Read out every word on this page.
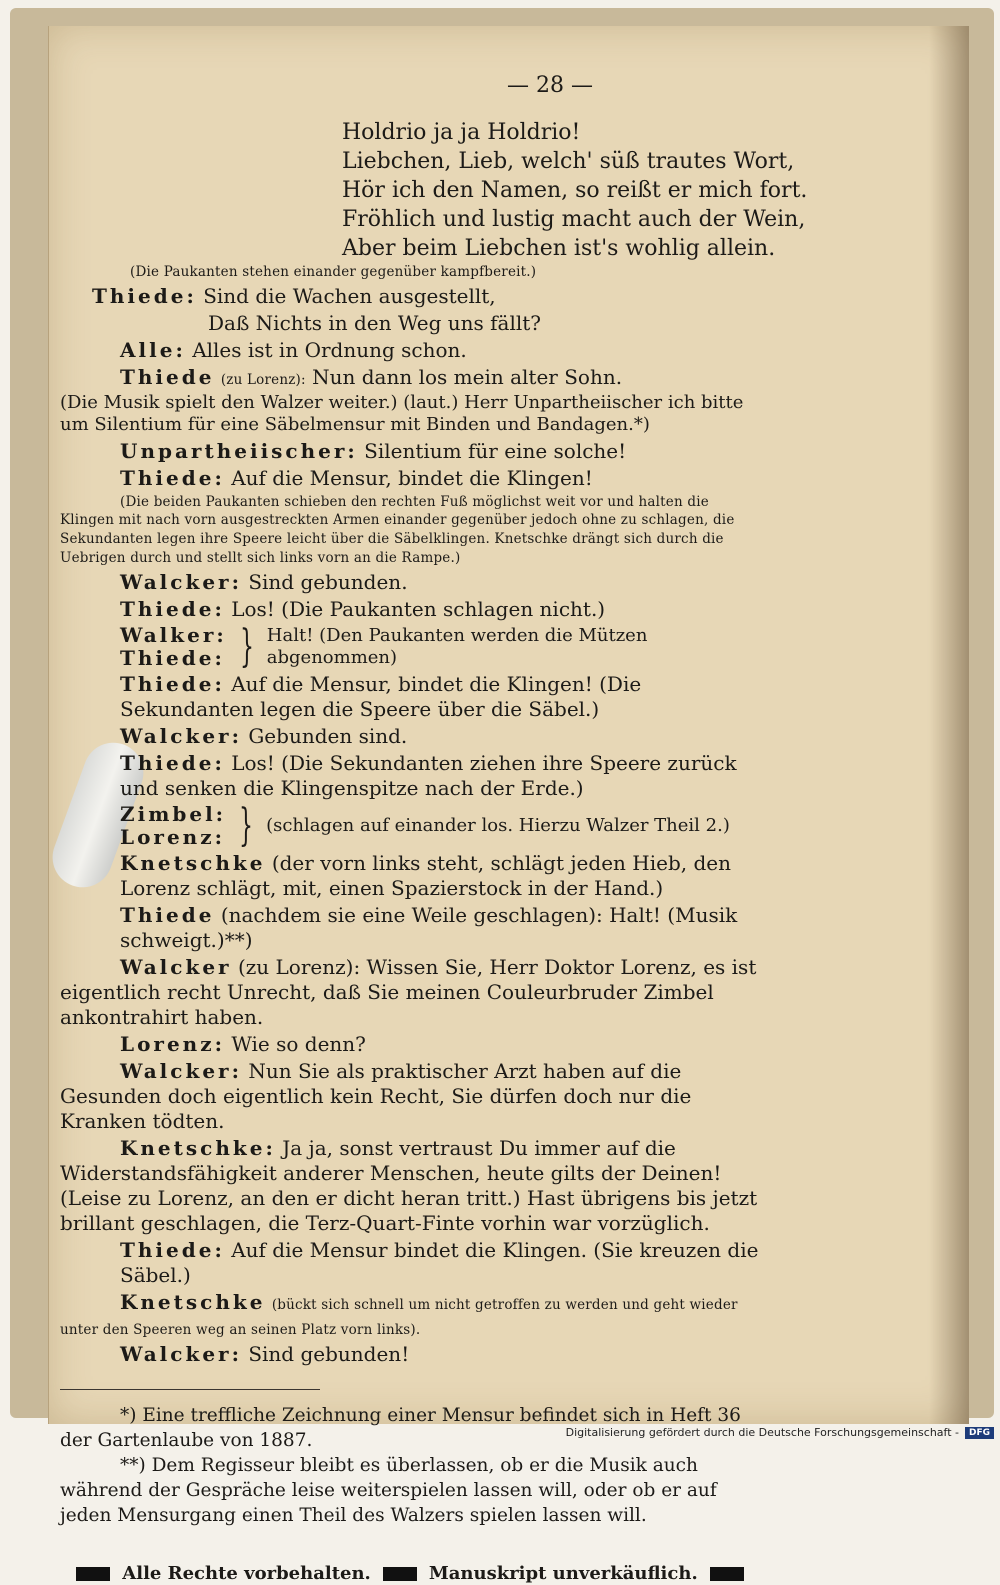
— 28 —
Holdrio ja ja Holdrio!
Liebchen, Lieb, welch' süß trautes Wort,
Hör ich den Namen, so reißt er mich fort.
Fröhlich und lustig macht auch der Wein,
Aber beim Liebchen ist's wohlig allein.
(Die Paukanten stehen einander gegenüber kampfbereit.)
Thiede: Sind die Wachen ausgestellt,
Daß Nichts in den Weg uns fällt?
Alle: Alles ist in Ordnung schon.
Thiede (zu Lorenz): Nun dann los mein alter Sohn.
(Die Musik spielt den Walzer weiter.) (laut.) Herr Unpartheiischer ich bitte um Silentium für eine Säbelmensur mit Binden und Bandagen.*)
Unpartheiischer: Silentium für eine solche!
Thiede: Auf die Mensur, bindet die Klingen!
(Die beiden Paukanten schieben den rechten Fuß möglichst weit vor und halten die Klingen mit nach vorn ausgestreckten Armen einander gegenüber jedoch ohne zu schlagen, die Sekundanten legen ihre Speere leicht über die Säbelklingen. Knetschke drängt sich durch die Uebrigen durch und stellt sich links vorn an die Rampe.)
Walcker: Sind gebunden.
Thiede: Los! (Die Paukanten schlagen nicht.)
Walker:
Thiede: } Halt! (Den Paukanten werden die Mützen abgenommen)
Thiede: Auf die Mensur, bindet die Klingen! (Die Sekundanten legen die Speere über die Säbel.)
Walcker: Gebunden sind.
Thiede: Los! (Die Sekundanten ziehen ihre Speere zurück und senken die Klingenspitze nach der Erde.)
Zimbel:
Lorenz: } (schlagen auf einander los. Hierzu Walzer Theil 2.)
Knetschke (der vorn links steht, schlägt jeden Hieb, den Lorenz schlägt, mit, einen Spazierstock in der Hand.)
Thiede (nachdem sie eine Weile geschlagen): Halt! (Musik schweigt.)**)
Walcker (zu Lorenz): Wissen Sie, Herr Doktor Lorenz, es ist eigentlich recht Unrecht, daß Sie meinen Couleurbruder Zimbel ankontrahirt haben.
Lorenz: Wie so denn?
Walcker: Nun Sie als praktischer Arzt haben auf die Gesunden doch eigentlich kein Recht, Sie dürfen doch nur die Kranken tödten.
Knetschke: Ja ja, sonst vertraust Du immer auf die Widerstandsfähigkeit anderer Menschen, heute gilts der Deinen! (Leise zu Lorenz, an den er dicht heran tritt.) Hast übrigens bis jetzt brillant geschlagen, die Terz-Quart-Finte vorhin war vorzüglich.
Thiede: Auf die Mensur bindet die Klingen. (Sie kreuzen die Säbel.)
Knetschke (bückt sich schnell um nicht getroffen zu werden und geht wieder unter den Speeren weg an seinen Platz vorn links).
Walcker: Sind gebunden!
*) Eine treffliche Zeichnung einer Mensur befindet sich in Heft 36 der Gartenlaube von 1887.
**) Dem Regisseur bleibt es überlassen, ob er die Musik auch während der Gespräche leise weiterspielen lassen will, oder ob er auf jeden Mensurgang einen Theil des Walzers spielen lassen will.
Alle Rechte vorbehalten.	Manuskript unverkäuflich.
Digitalisierung gefördert durch die Deutsche Forschungsgemeinschaft -	DFG
